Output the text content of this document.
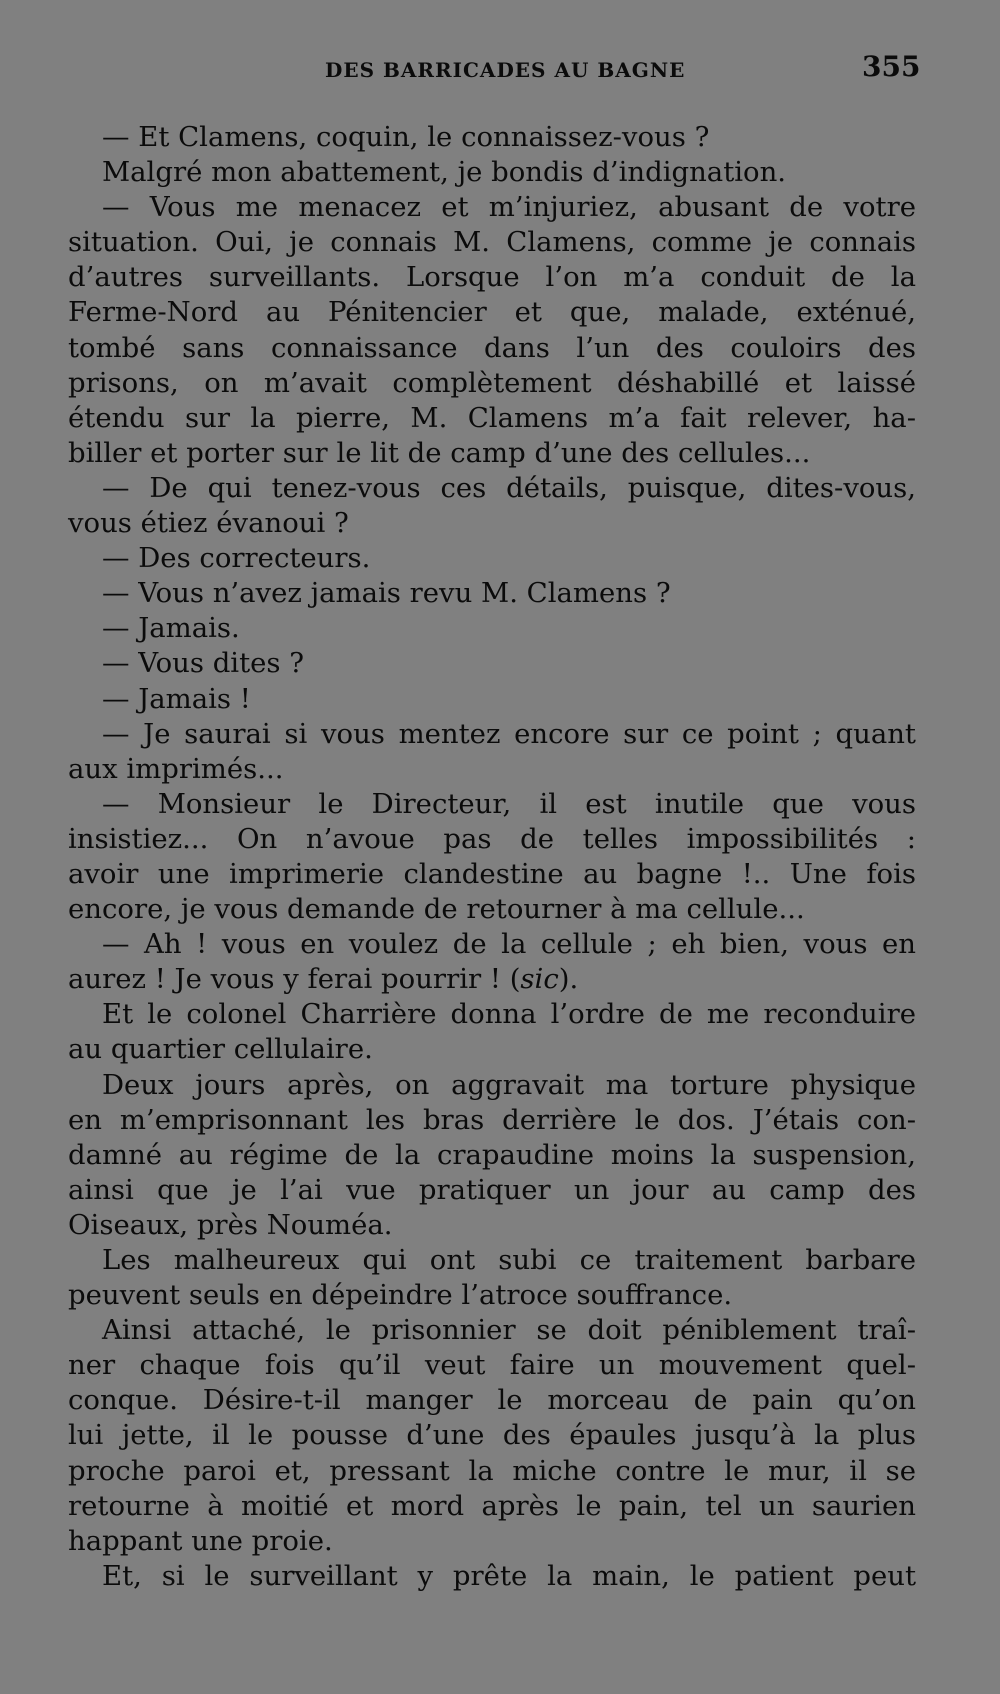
DES BARRICADES AU BAGNE	355
— Et Clamens, coquin, le connaissez-vous ?
Malgré mon abattement, je bondis d’indignation.
— Vous me menacez et m’injuriez, abusant de votre
situation. Oui, je connais M. Clamens, comme je connais
d’autres surveillants. Lorsque l’on m’a conduit de la
Ferme-Nord au Pénitencier et que, malade, exténué,
tombé sans connaissance dans l’un des couloirs des
prisons, on m’avait complètement déshabillé et laissé
étendu sur la pierre, M. Clamens m’a fait relever, ha-
biller et porter sur le lit de camp d’une des cellules...
— De qui tenez-vous ces détails, puisque, dites-vous,
vous étiez évanoui ?
— Des correcteurs.
— Vous n’avez jamais revu M. Clamens ?
— Jamais.
— Vous dites ?
— Jamais !
— Je saurai si vous mentez encore sur ce point ; quant
aux imprimés...
— Monsieur le Directeur, il est inutile que vous
insistiez... On n’avoue pas de telles impossibilités :
avoir une imprimerie clandestine au bagne !.. Une fois
encore, je vous demande de retourner à ma cellule...
— Ah ! vous en voulez de la cellule ; eh bien, vous en
aurez ! Je vous y ferai pourrir ! (sic).
Et le colonel Charrière donna l’ordre de me reconduire
au quartier cellulaire.
Deux jours après, on aggravait ma torture physique
en m’emprisonnant les bras derrière le dos. J’étais con-
damné au régime de la crapaudine moins la suspension,
ainsi que je l’ai vue pratiquer un jour au camp des
Oiseaux, près Nouméa.
Les malheureux qui ont subi ce traitement barbare
peuvent seuls en dépeindre l’atroce souffrance.
Ainsi attaché, le prisonnier se doit péniblement traî-
ner chaque fois qu’il veut faire un mouvement quel-
conque. Désire-t-il manger le morceau de pain qu’on
lui jette, il le pousse d’une des épaules jusqu’à la plus
proche paroi et, pressant la miche contre le mur, il se
retourne à moitié et mord après le pain, tel un saurien
happant une proie.
Et, si le surveillant y prête la main, le patient peut
